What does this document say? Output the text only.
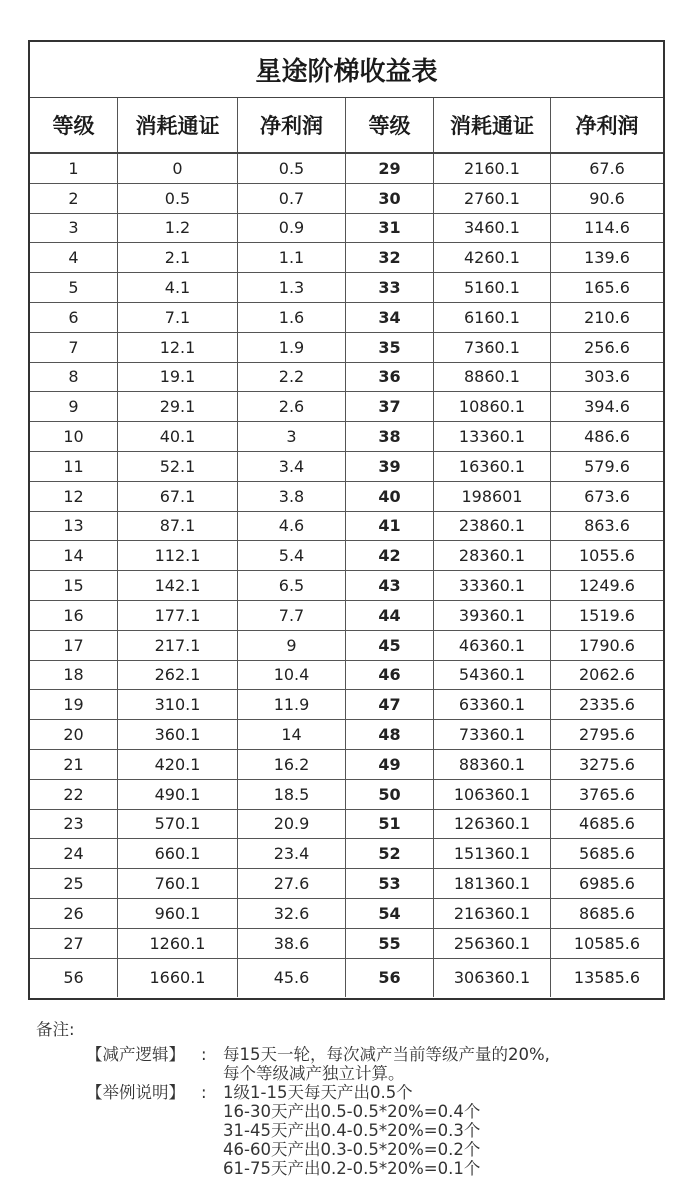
星途阶梯收益表
等级	消耗通证	净利润	等级	消耗通证	净利润
1	0	0.5	29	2160.1	67.6
2	0.5	0.7	30	2760.1	90.6
3	1.2	0.9	31	3460.1	114.6
4	2.1	1.1	32	4260.1	139.6
5	4.1	1.3	33	5160.1	165.6
6	7.1	1.6	34	6160.1	210.6
7	12.1	1.9	35	7360.1	256.6
8	19.1	2.2	36	8860.1	303.6
9	29.1	2.6	37	10860.1	394.6
10	40.1	3	38	13360.1	486.6
11	52.1	3.4	39	16360.1	579.6
12	67.1	3.8	40	198601	673.6
13	87.1	4.6	41	23860.1	863.6
14	112.1	5.4	42	28360.1	1055.6
15	142.1	6.5	43	33360.1	1249.6
16	177.1	7.7	44	39360.1	1519.6
17	217.1	9	45	46360.1	1790.6
18	262.1	10.4	46	54360.1	2062.6
19	310.1	11.9	47	63360.1	2335.6
20	360.1	14	48	73360.1	2795.6
21	420.1	16.2	49	88360.1	3275.6
22	490.1	18.5	50	106360.1	3765.6
23	570.1	20.9	51	126360.1	4685.6
24	660.1	23.4	52	151360.1	5685.6
25	760.1	27.6	53	181360.1	6985.6
26	960.1	32.6	54	216360.1	8685.6
27	1260.1	38.6	55	256360.1	10585.6
56	1660.1	45.6	56	306360.1	13585.6
备注:
【减产逻辑】 : 每15天一轮，每次减产当前等级产量的20%,
每个等级减产独立计算。
【举例说明】 : 1级1-15天每天产出0.5个
16-30天产出0.5-0.5*20%=0.4个
31-45天产出0.4-0.5*20%=0.3个
46-60天产出0.3-0.5*20%=0.2个
61-75天产出0.2-0.5*20%=0.1个
